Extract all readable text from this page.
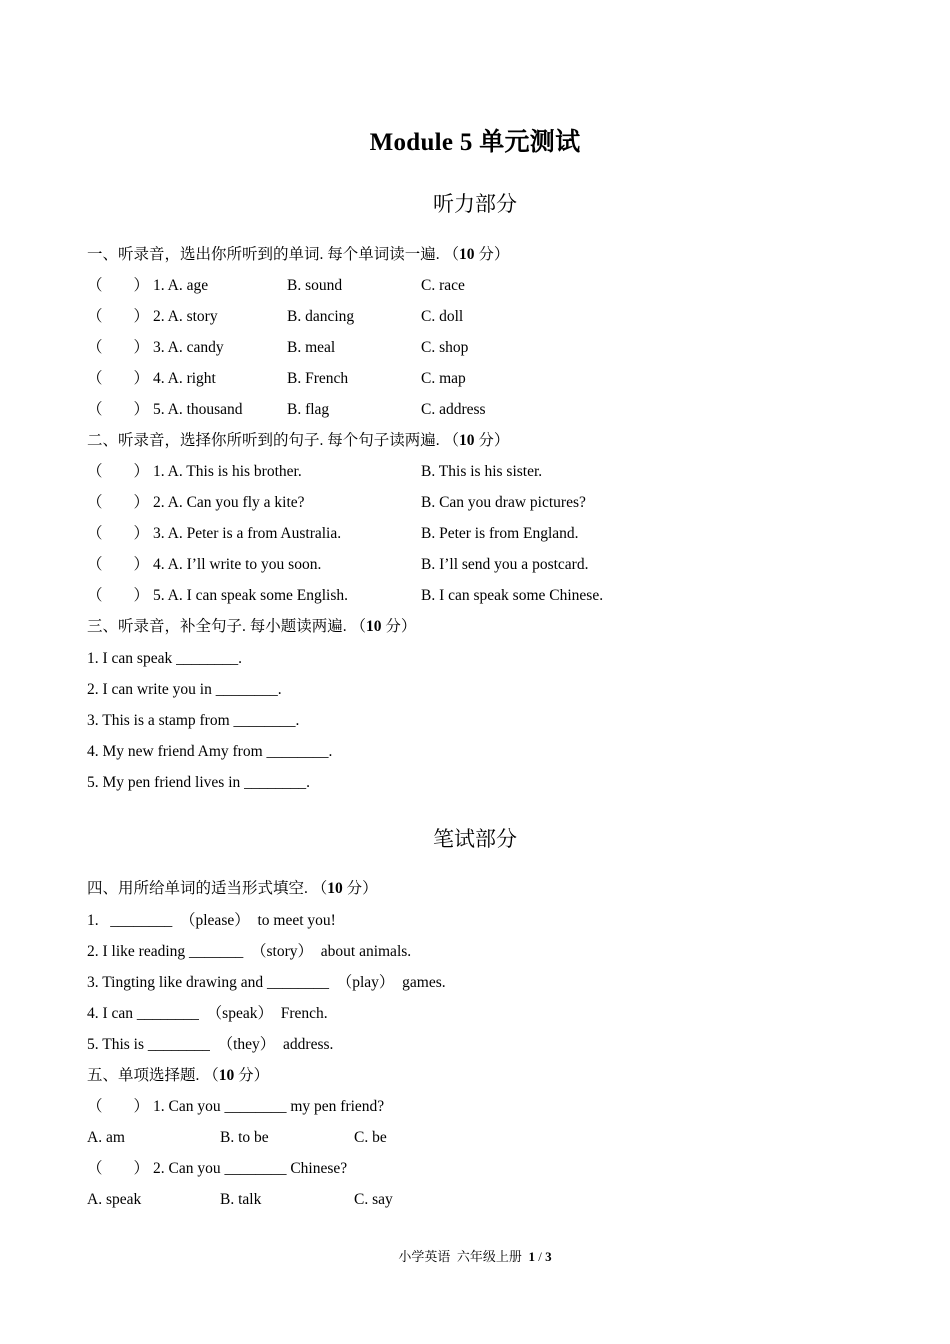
Module 5 单元测试
听力部分
一、听录音，选出你所听到的单词. 每个单词读一遍. （10 分）
（　　） 1. A. age	B. sound	C. race
（　　） 2. A. story	B. dancing	C. doll
（　　） 3. A. candy	B. meal	C. shop
（　　） 4. A. right	B. French	C. map
（　　） 5. A. thousand	B. flag	C. address
二、听录音，选择你所听到的句子. 每个句子读两遍. （10 分）
（　　） 1. A. This is his brother.	B. This is his sister.
（　　） 2. A. Can you fly a kite?	B. Can you draw pictures?
（　　） 3. A. Peter is a from Australia.	B. Peter is from England.
（　　） 4. A. I’ll write to you soon.	B. I’ll send you a postcard.
（　　） 5. A. I can speak some English.	B. I can speak some Chinese.
三、听录音，补全句子. 每小题读两遍. （10 分）
1. I can speak ________.
2. I can write you in ________.
3. This is a stamp from ________.
4. My new friend Amy from ________.
5. My pen friend lives in ________.
笔试部分
四、用所给单词的适当形式填空. （10 分）
1.   ________  （please）  to meet you!
2. I like reading _______  （story）  about animals.
3. Tingting like drawing and ________  （play）  games.
4. I can ________  （speak）  French.
5. This is ________  （they）  address.
五、单项选择题. （10 分）
（　　） 1. Can you ________ my pen friend?
A. am	B. to be	C. be
（　　） 2. Can you ________ Chinese?
A. speak	B. talk	C. say
小学英语  六年级上册  1 / 3
